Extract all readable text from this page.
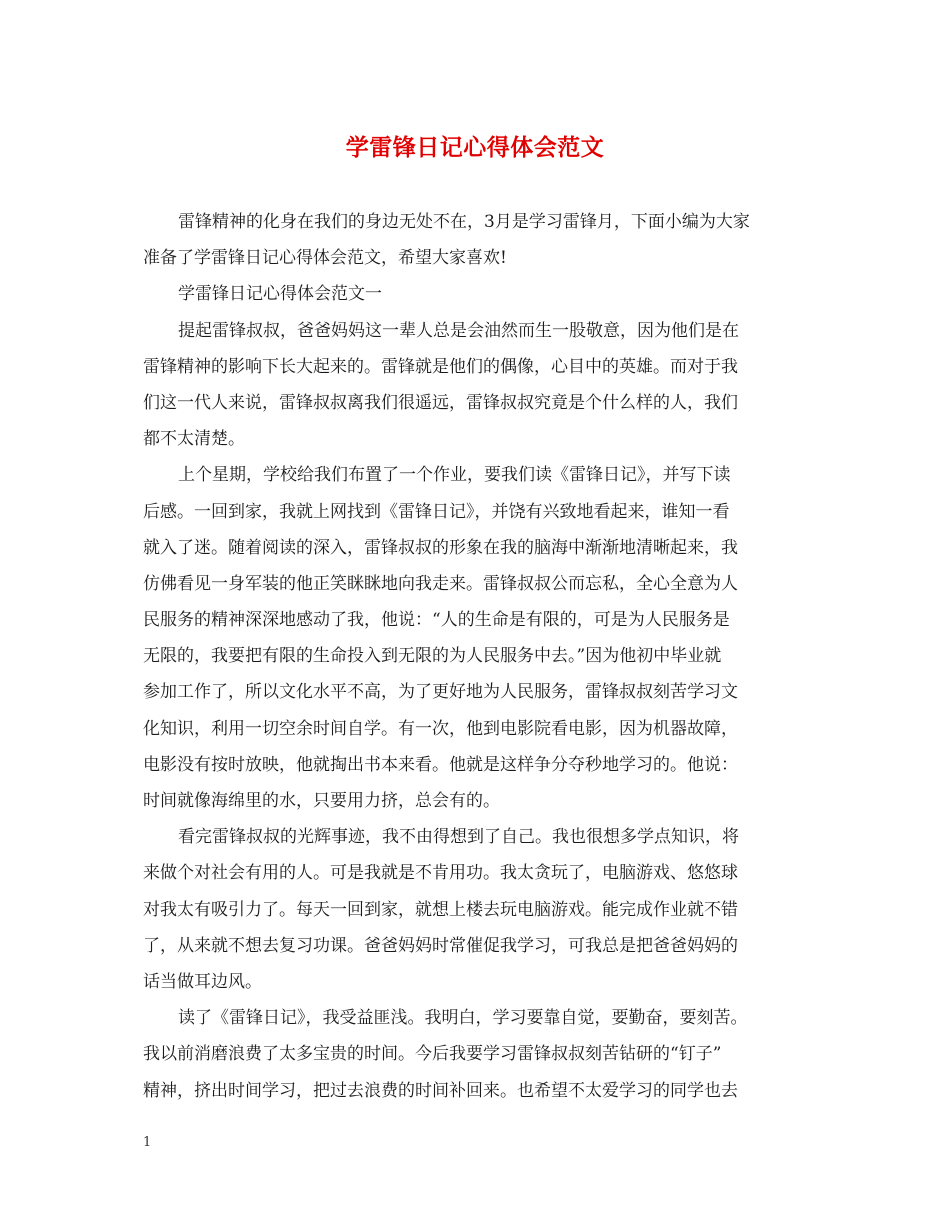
学雷锋日记心得体会范文
雷锋精神的化身在我们的身边无处不在，3月是学习雷锋月，下面小编为大家
准备了学雷锋日记心得体会范文，希望大家喜欢!
学雷锋日记心得体会范文一
提起雷锋叔叔，爸爸妈妈这一辈人总是会油然而生一股敬意，因为他们是在
雷锋精神的影响下长大起来的。雷锋就是他们的偶像，心目中的英雄。而对于我
们这一代人来说，雷锋叔叔离我们很遥远，雷锋叔叔究竟是个什么样的人，我们
都不太清楚。
上个星期，学校给我们布置了一个作业，要我们读《雷锋日记》，并写下读
后感。一回到家，我就上网找到《雷锋日记》，并饶有兴致地看起来，谁知一看
就入了迷。随着阅读的深入，雷锋叔叔的形象在我的脑海中渐渐地清晰起来，我
仿佛看见一身军装的他正笑眯眯地向我走来。雷锋叔叔公而忘私，全心全意为人
民服务的精神深深地感动了我，他说：“人的生命是有限的，可是为人民服务是
无限的，我要把有限的生命投入到无限的为人民服务中去。”因为他初中毕业就
参加工作了，所以文化水平不高，为了更好地为人民服务，雷锋叔叔刻苦学习文
化知识，利用一切空余时间自学。有一次，他到电影院看电影，因为机器故障，
电影没有按时放映，他就掏出书本来看。他就是这样争分夺秒地学习的。他说：
时间就像海绵里的水，只要用力挤，总会有的。
看完雷锋叔叔的光辉事迹，我不由得想到了自己。我也很想多学点知识，将
来做个对社会有用的人。可是我就是不肯用功。我太贪玩了，电脑游戏、悠悠球
对我太有吸引力了。每天一回到家，就想上楼去玩电脑游戏。能完成作业就不错
了，从来就不想去复习功课。爸爸妈妈时常催促我学习，可我总是把爸爸妈妈的
话当做耳边风。
读了《雷锋日记》，我受益匪浅。我明白，学习要靠自觉，要勤奋，要刻苦。
我以前消磨浪费了太多宝贵的时间。今后我要学习雷锋叔叔刻苦钻研的“钉子”
精神，挤出时间学习，把过去浪费的时间补回来。也希望不太爱学习的同学也去
1
